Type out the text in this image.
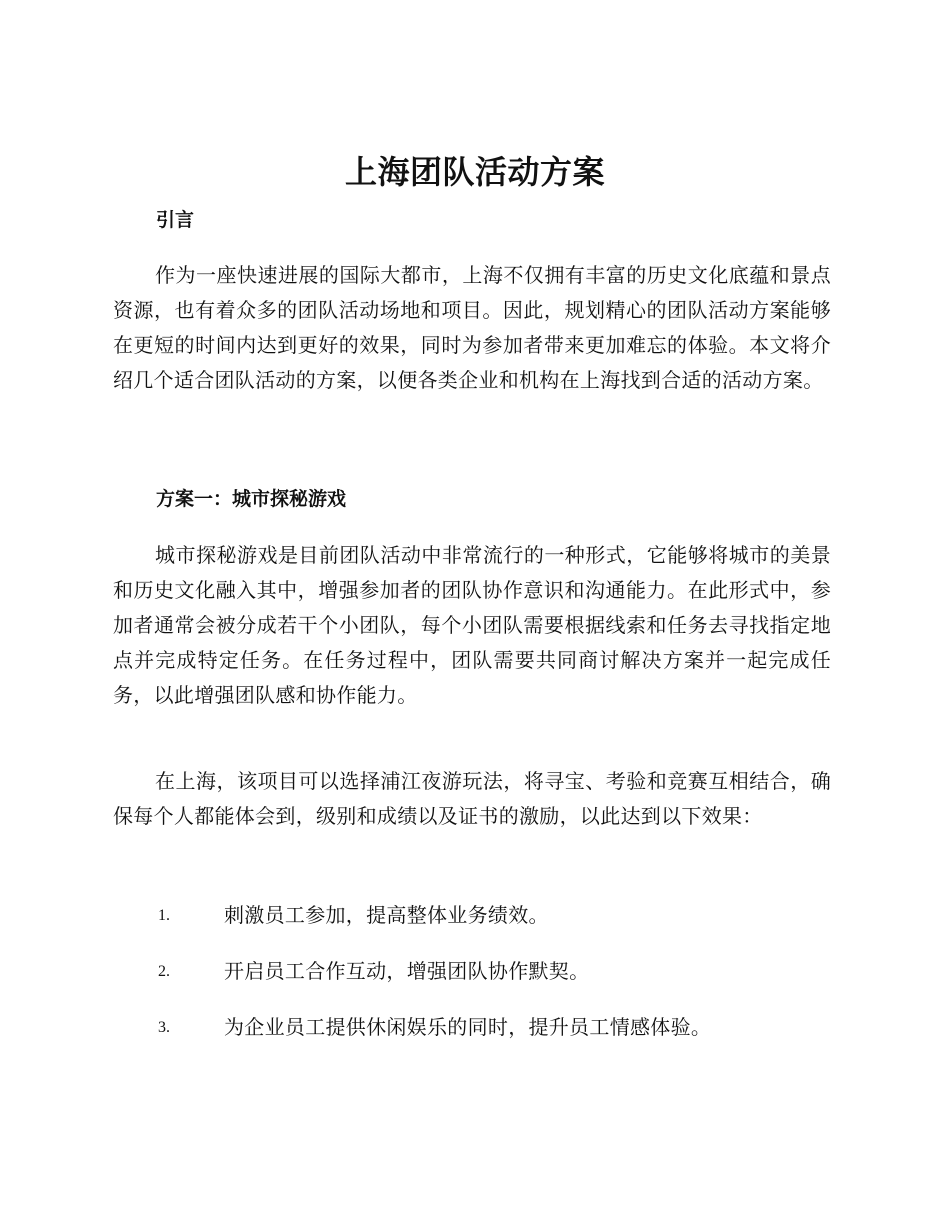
上海团队活动方案
引言

作为一座快速进展的国际大都市，上海不仅拥有丰富的历史文化底蕴和景点资源，也有着众多的团队活动场地和项目。因此，规划精心的团队活动方案能够在更短的时间内达到更好的效果，同时为参加者带来更加难忘的体验。本文将介绍几个适合团队活动的方案，以便各类企业和机构在上海找到合适的活动方案。

方案一：城市探秘游戏

城市探秘游戏是目前团队活动中非常流行的一种形式，它能够将城市的美景和历史文化融入其中，增强参加者的团队协作意识和沟通能力。在此形式中，参加者通常会被分成若干个小团队，每个小团队需要根据线索和任务去寻找指定地点并完成特定任务。在任务过程中，团队需要共同商讨解决方案并一起完成任务，以此增强团队感和协作能力。

在上海，该项目可以选择浦江夜游玩法，将寻宝、考验和竞赛互相结合，确保每个人都能体会到，级别和成绩以及证书的激励，以此达到以下效果：

1.	刺激员工参加，提高整体业务绩效。
2.	开启员工合作互动，增强团队协作默契。
3.	为企业员工提供休闲娱乐的同时，提升员工情感体验。
